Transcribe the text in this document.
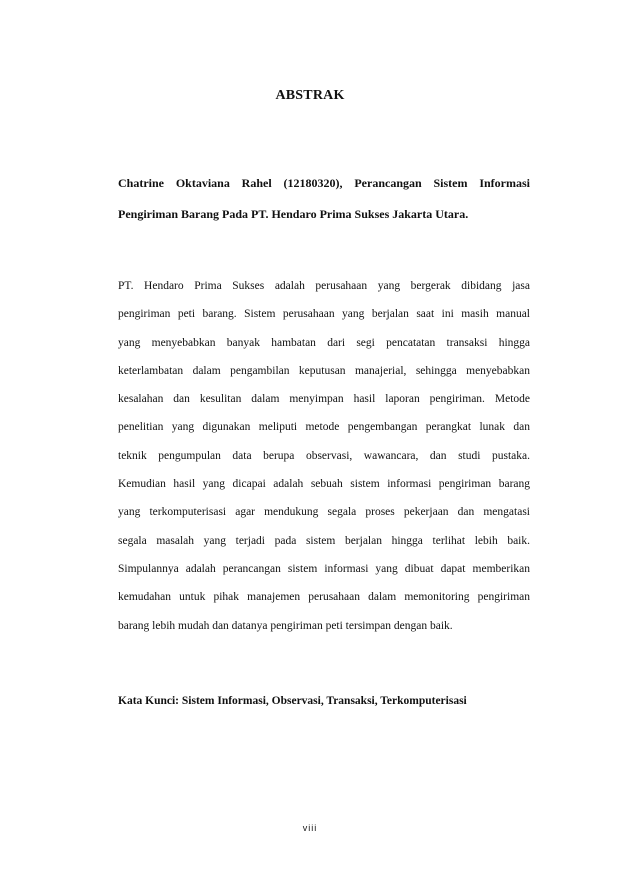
ABSTRAK
Chatrine Oktaviana Rahel (12180320), Perancangan Sistem Informasi
Pengiriman Barang Pada PT. Hendaro Prima Sukses Jakarta Utara.
PT. Hendaro Prima Sukses adalah perusahaan yang bergerak dibidang jasa
pengiriman peti barang. Sistem perusahaan yang berjalan saat ini masih manual
yang menyebabkan banyak hambatan dari segi pencatatan transaksi hingga
keterlambatan dalam pengambilan keputusan manajerial, sehingga menyebabkan
kesalahan dan kesulitan dalam menyimpan hasil laporan pengiriman. Metode
penelitian yang digunakan meliputi metode pengembangan perangkat lunak dan
teknik pengumpulan data berupa observasi, wawancara, dan studi pustaka.
Kemudian hasil yang dicapai adalah sebuah sistem informasi pengiriman barang
yang terkomputerisasi agar mendukung segala proses pekerjaan dan mengatasi
segala masalah yang terjadi pada sistem berjalan hingga terlihat lebih baik.
Simpulannya adalah perancangan sistem informasi yang dibuat dapat memberikan
kemudahan untuk pihak manajemen perusahaan dalam memonitoring pengiriman
barang lebih mudah dan datanya pengiriman peti tersimpan dengan baik.
Kata Kunci: Sistem Informasi, Observasi, Transaksi, Terkomputerisasi
viii
